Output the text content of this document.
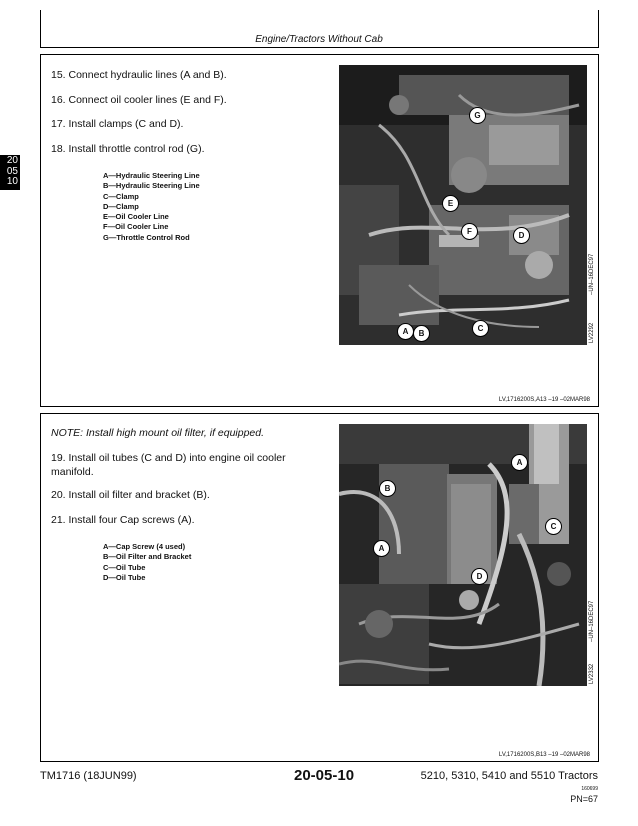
Engine/Tractors Without Cab
20
05
10
15. Connect hydraulic lines (A and B).
16. Connect oil cooler lines (E and F).
17. Install clamps (C and D).
18. Install throttle control rod (G).
A—Hydraulic Steering Line
B—Hydraulic Steering Line
C—Clamp
D—Clamp
E—Oil Cooler Line
F—Oil Cooler Line
G—Throttle Control Rod
G
E
F	D
C
A	B
–UN–16DEC97
LV2292
LV,1716200S,A13 –19 –02MAR98
NOTE: Install high mount oil filter, if equipped.
19. Install oil tubes (C and D) into engine oil cooler manifold.
20. Install oil filter and bracket (B).
21. Install four Cap screws (A).
A—Cap Screw (4 used)
B—Oil Filter and Bracket
C—Oil Tube
D—Oil Tube
A
B
A
C
D
–UN–16DEC97
LV2332
LV,1716200S,B13 –19 –02MAR98
TM1716 (18JUN99)	20-05-10	5210, 5310, 5410 and 5510 Tractors
160699
PN=67
